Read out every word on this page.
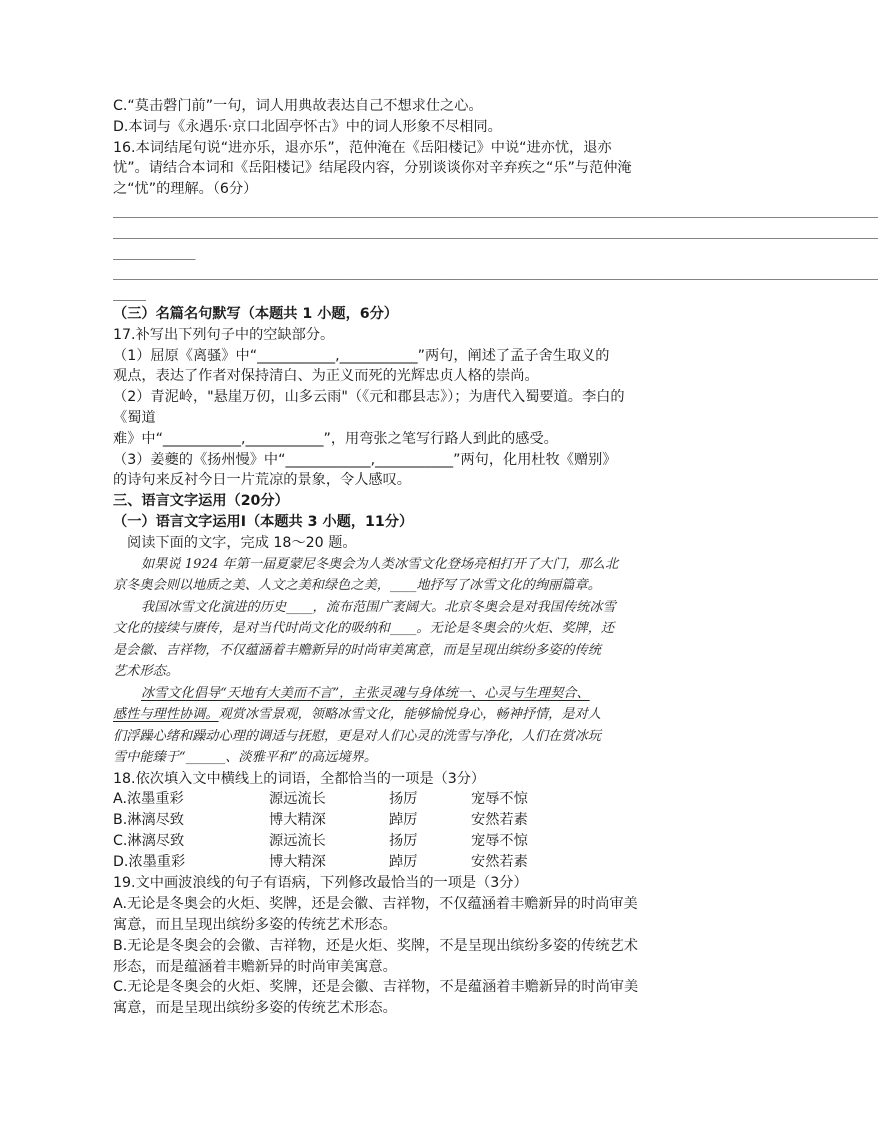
C.“莫击磬门前”一句，词人用典故表达自己不想求仕之心。
D.本词与《永遇乐·京口北固亭怀古》中的词人形象不尽相同。
16.本词结尾句说“进亦乐，退亦乐”，范仲淹在《岳阳楼记》中说“进亦忧，退亦
忧”。请结合本词和《岳阳楼记》结尾段内容，分别谈谈你对辛弃疾之“乐”与范仲淹
之“忧”的理解。（6分）
_____________________________________________________________________________________________
_____________________________________________________________________________________________
__________
_____________________________________________________________________________________________
____
（三）名篇名句默写（本题共 1 小题，6分）
17.补写出下列句子中的空缺部分。
（1）屈原《离骚》中“___________,___________”两句，阐述了孟子舍生取义的
观点，表达了作者对保持清白、为正义而死的光辉忠贞人格的崇尚。
（2）青泥岭，"悬崖万仞，山多云雨"（《元和郡县志》）；为唐代入蜀要道。李白的
《蜀道
难》中“___________,___________”，用弯张之笔写行路人到此的感受。
（3）姜夔的《扬州慢》中“____________,___________”两句，化用杜牧《赠别》
的诗句来反衬今日一片荒凉的景象，令人感叹。
三、语言文字运用（20分）
（一）语言文字运用Ⅰ（本题共 3 小题，11分）
阅读下面的文字，完成 18～20 题。
如果说 1924 年第一届夏蒙尼冬奥会为人类冰雪文化登场亮相打开了大门，那么北
京冬奥会则以地质之美、人文之美和绿色之美，____地抒写了冰雪文化的绚丽篇章。
我国冰雪文化演进的历史____，流布范围广袤阔大。北京冬奥会是对我国传统冰雪
文化的接续与赓传，是对当代时尚文化的吸纳和____。无论是冬奥会的火炬、奖牌，还
是会徽、吉祥物，不仅蕴涵着丰赡新异的时尚审美寓意，而是呈现出缤纷多姿的传统
艺术形态。
冰雪文化倡导“天地有大美而不言”，主张灵魂与身体统一、心灵与生理契合、
感性与理性协调。观赏冰雪景观，领略冰雪文化，能够愉悦身心，畅神抒情，是对人
们浮躁心绪和躁动心理的调适与抚慰，更是对人们心灵的洗雪与净化，人们在赏冰玩
雪中能臻于“______、淡雅平和”的高远境界。
18.依次填入文中横线上的词语，全都恰当的一项是（3分）
A.浓墨重彩	源远流长	扬厉	宠辱不惊
B.淋漓尽致	博大精深	踔厉	安然若素
C.淋漓尽致	源远流长	扬厉	宠辱不惊
D.浓墨重彩	博大精深	踔厉	安然若素
19.文中画波浪线的句子有语病，下列修改最恰当的一项是（3分）
A.无论是冬奥会的火炬、奖牌，还是会徽、吉祥物，不仅蕴涵着丰赡新异的时尚审美
寓意，而且呈现出缤纷多姿的传统艺术形态。
B.无论是冬奥会的会徽、吉祥物，还是火炬、奖牌，不是呈现出缤纷多姿的传统艺术
形态，而是蕴涵着丰赡新异的时尚审美寓意。
C.无论是冬奥会的火炬、奖牌，还是会徽、吉祥物，不是蕴涵着丰赡新异的时尚审美
寓意，而是呈现出缤纷多姿的传统艺术形态。
